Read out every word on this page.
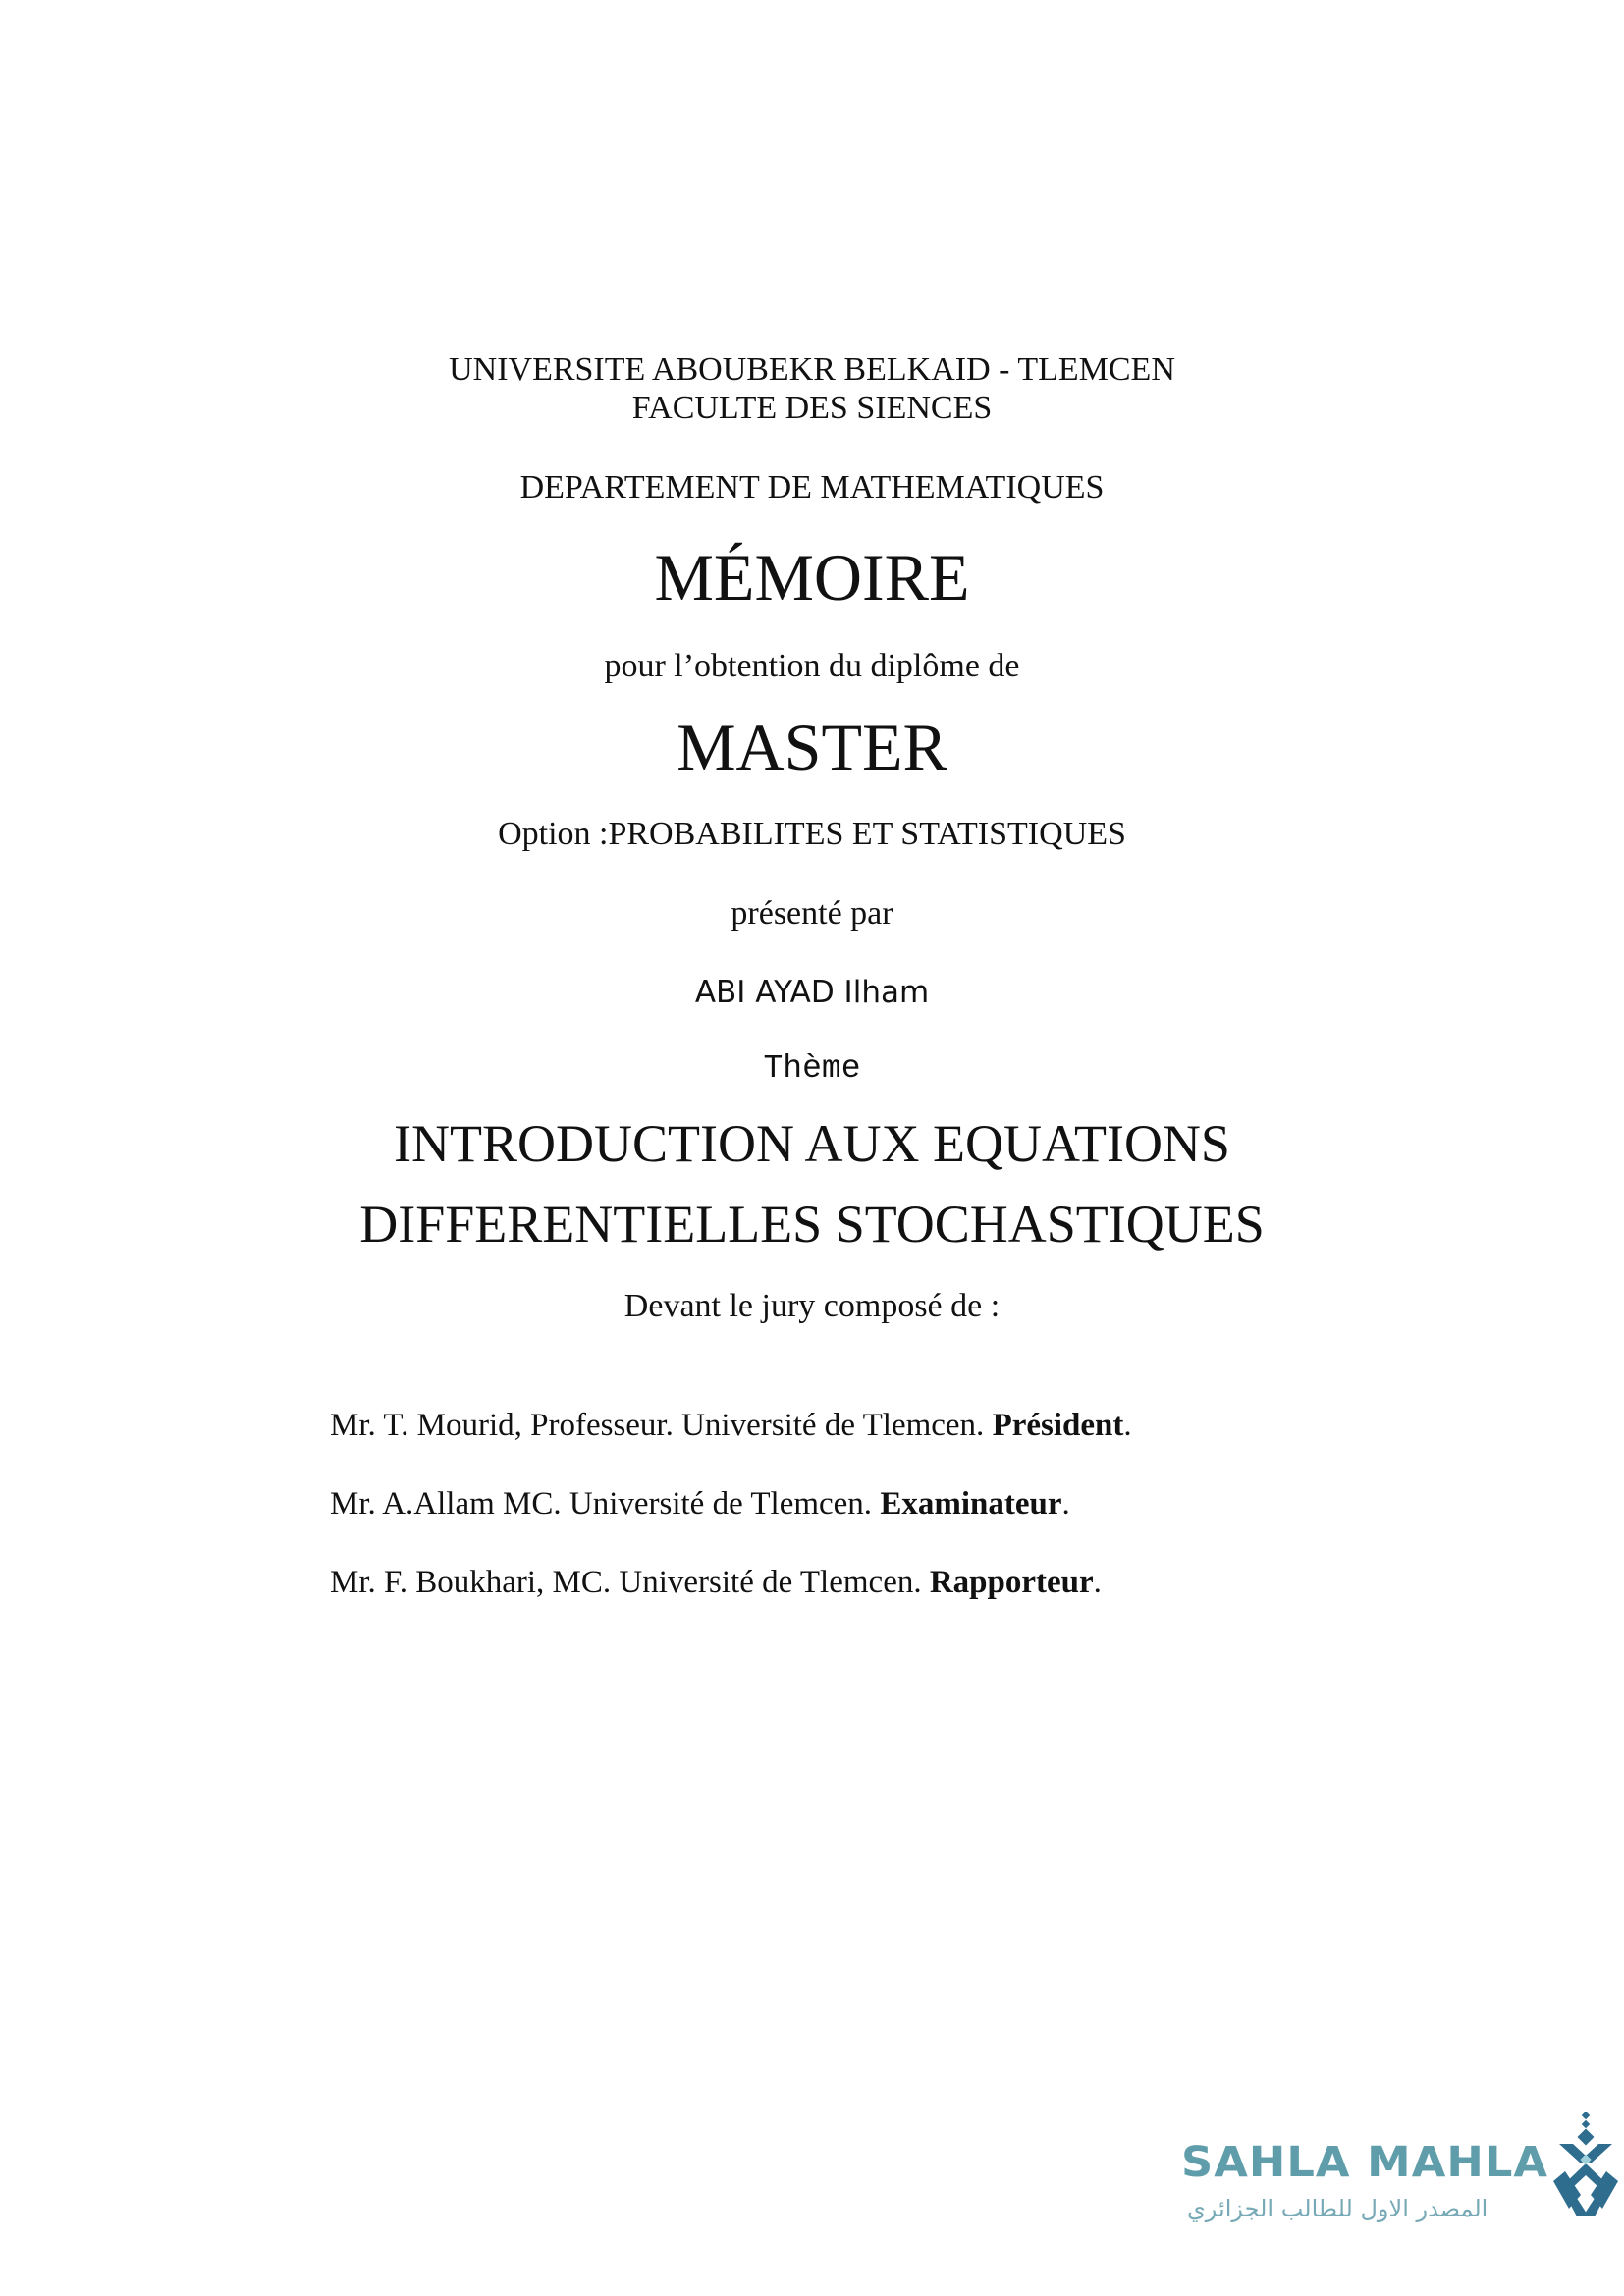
UNIVERSITE ABOUBEKR BELKAID - TLEMCEN
FACULTE DES SIENCES
DEPARTEMENT DE MATHEMATIQUES
MÉMOIRE
pour l’obtention du diplôme de
MASTER
Option :PROBABILITES ET STATISTIQUES
présenté par
ABI AYAD Ilham
Thème
INTRODUCTION AUX EQUATIONS
DIFFERENTIELLES STOCHASTIQUES
Devant le jury composé de :
Mr. T. Mourid, Professeur. Université de Tlemcen. Président.
Mr. A.Allam MC. Université de Tlemcen. Examinateur.
Mr. F. Boukhari, MC. Université de Tlemcen. Rapporteur.
SAHLA MAHLA
المصدر الاول للطالب الجزائري
